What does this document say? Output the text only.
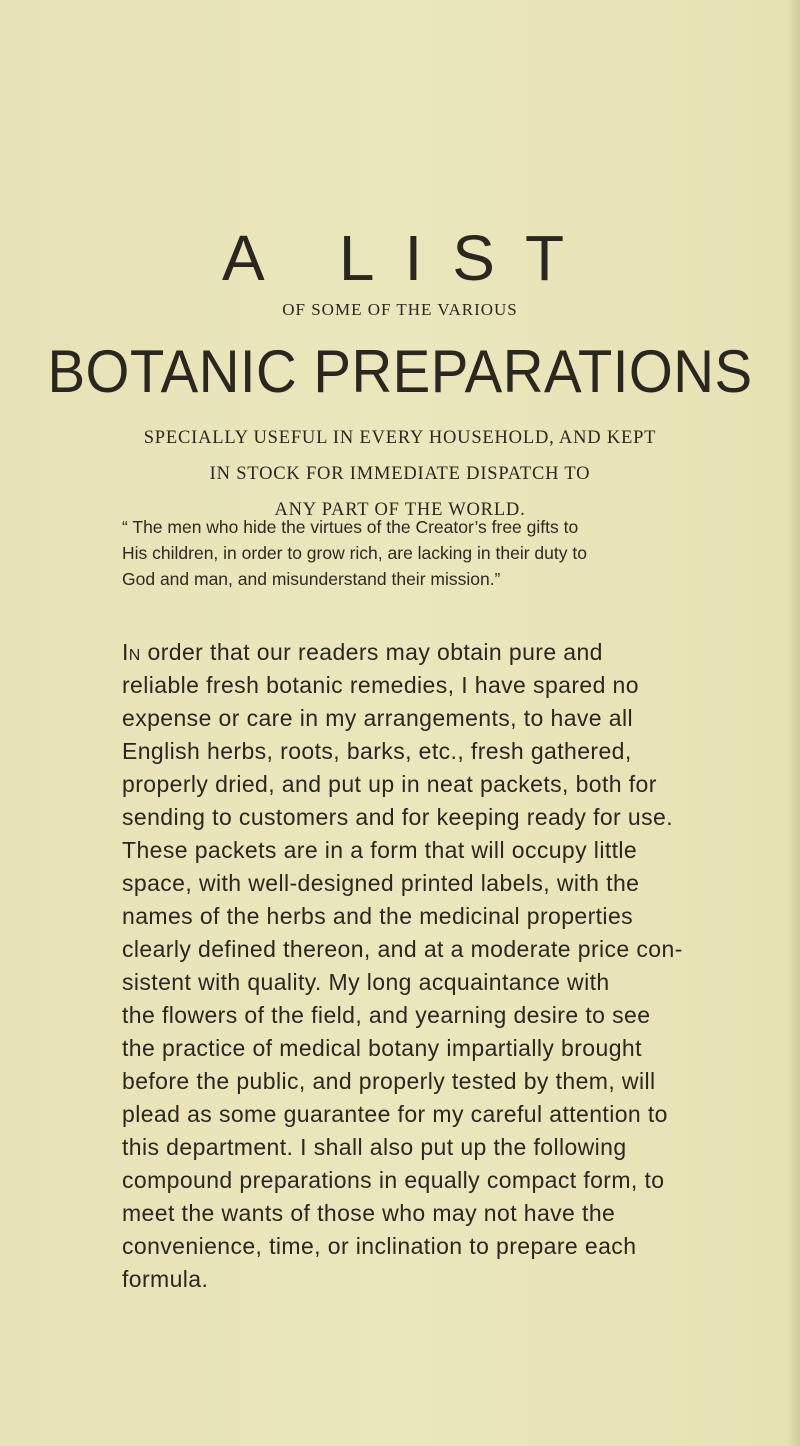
A LIST
OF SOME OF THE VARIOUS
BOTANIC PREPARATIONS
SPECIALLY USEFUL IN EVERY HOUSEHOLD, AND KEPT
IN STOCK FOR IMMEDIATE DISPATCH TO
ANY PART OF THE WORLD.
“ The men who hide the virtues of the Creator’s free gifts to
His children, in order to grow rich, are lacking in their duty to
God and man, and misunderstand their mission.”
In order that our readers may obtain pure and
reliable fresh botanic remedies, I have spared no
expense or care in my arrangements, to have all
English herbs, roots, barks, etc., fresh gathered,
properly dried, and put up in neat packets, both for
sending to customers and for keeping ready for use.
These packets are in a form that will occupy little
space, with well-designed printed labels, with the
names of the herbs and the medicinal properties
clearly defined thereon, and at a moderate price con-
sistent with quality. My long acquaintance with
the flowers of the field, and yearning desire to see
the practice of medical botany impartially brought
before the public, and properly tested by them, will
plead as some guarantee for my careful attention to
this department. I shall also put up the following
compound preparations in equally compact form, to
meet the wants of those who may not have the
convenience, time, or inclination to prepare each
formula.
